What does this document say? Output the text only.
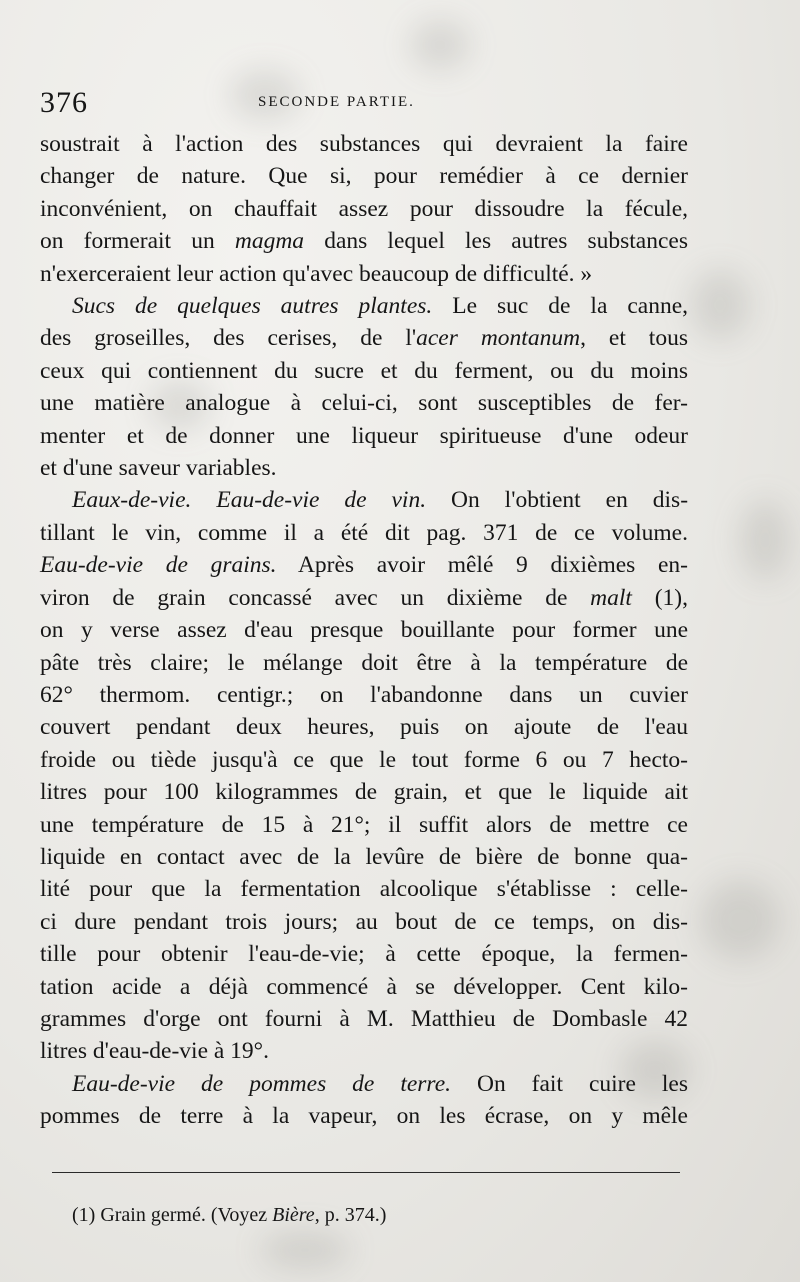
376	SECONDE PARTIE.

soustrait à l'action des substances qui devraient la faire
changer de nature. Que si, pour remédier à ce dernier
inconvénient, on chauffait assez pour dissoudre la fécule,
on formerait un magma dans lequel les autres substances
n'exerceraient leur action qu'avec beaucoup de difficulté. »

Sucs de quelques autres plantes. Le suc de la canne,
des groseilles, des cerises, de l'acer montanum, et tous
ceux qui contiennent du sucre et du ferment, ou du moins
une matière analogue à celui-ci, sont susceptibles de fer-
menter et de donner une liqueur spiritueuse d'une odeur
et d'une saveur variables.

Eaux-de-vie. Eau-de-vie de vin. On l'obtient en dis-
tillant le vin, comme il a été dit pag. 371 de ce volume.
Eau-de-vie de grains. Après avoir mêlé 9 dixièmes en-
viron de grain concassé avec un dixième de malt (1),
on y verse assez d'eau presque bouillante pour former une
pâte très claire; le mélange doit être à la température de
62° thermom. centigr.; on l'abandonne dans un cuvier
couvert pendant deux heures, puis on ajoute de l'eau
froide ou tiède jusqu'à ce que le tout forme 6 ou 7 hecto-
litres pour 100 kilogrammes de grain, et que le liquide ait
une température de 15 à 21°; il suffit alors de mettre ce
liquide en contact avec de la levûre de bière de bonne qua-
lité pour que la fermentation alcoolique s'établisse : celle-
ci dure pendant trois jours; au bout de ce temps, on dis-
tille pour obtenir l'eau-de-vie; à cette époque, la fermen-
tation acide a déjà commencé à se développer. Cent kilo-
grammes d'orge ont fourni à M. Matthieu de Dombasle 42
litres d'eau-de-vie à 19°.

Eau-de-vie de pommes de terre. On fait cuire les
pommes de terre à la vapeur, on les écrase, on y mêle

(1) Grain germé. (Voyez Bière, p. 374.)
